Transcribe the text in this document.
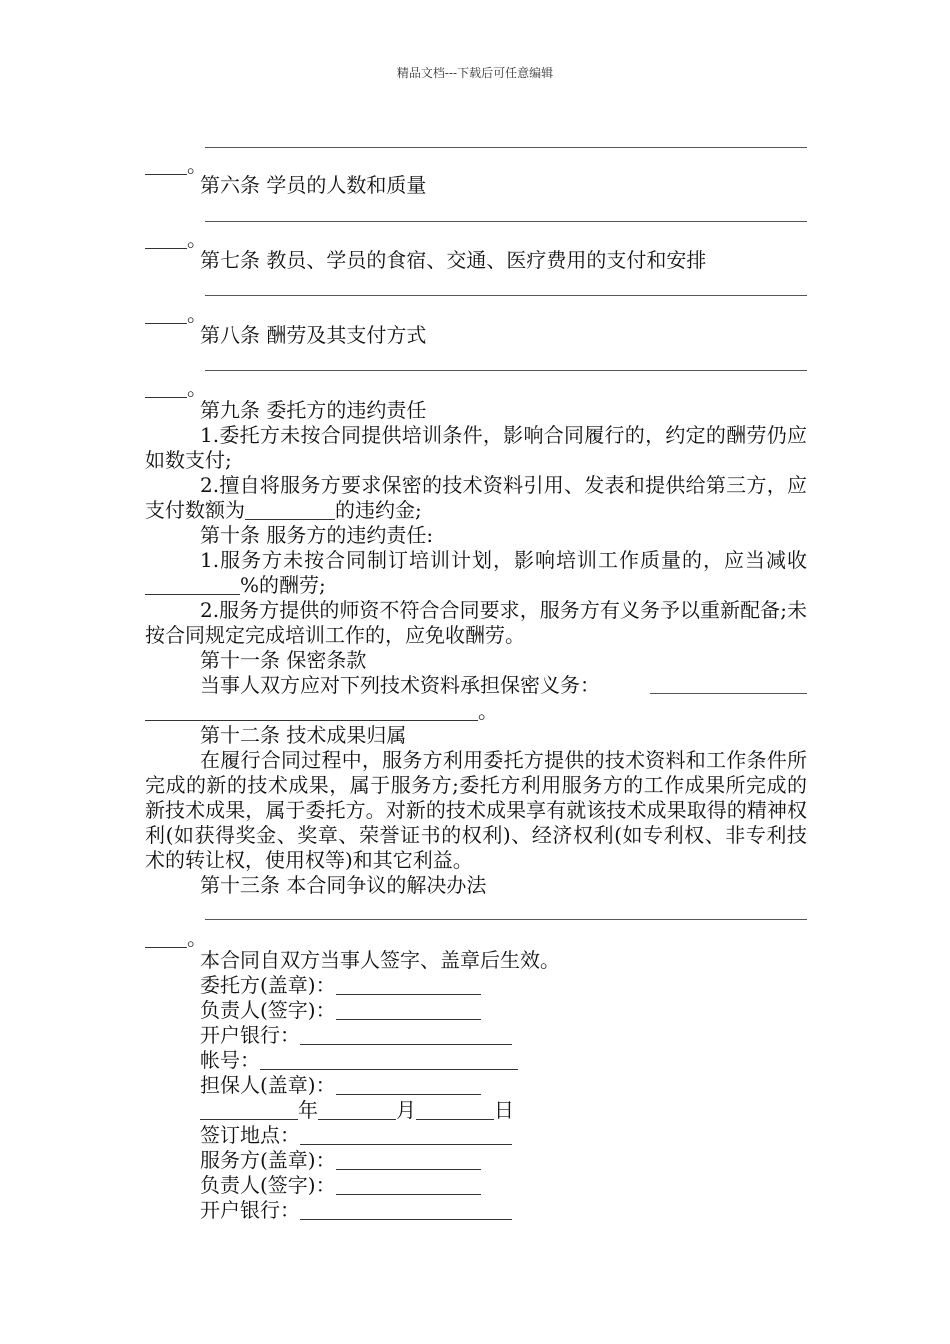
精品文档---下载后可任意编辑
。
第六条 学员的人数和质量
。
第七条 教员、学员的食宿、交通、医疗费用的支付和安排
。
第八条 酬劳及其支付方式
。
第九条 委托方的违约责任
1.委托方未按合同提供培训条件，影响合同履行的，约定的酬劳仍应如数支付;
2.擅自将服务方要求保密的技术资料引用、发表和提供给第三方，应支付数额为	的违约金;
第十条 服务方的违约责任:
1.服务方未按合同制订培训计划，影响培训工作质量的，应当减收%的酬劳;
2.服务方提供的师资不符合合同要求，服务方有义务予以重新配备;未按合同规定完成培训工作的，应免收酬劳。
第十一条 保密条款
当事人双方应对下列技术资料承担保密义务：
。
第十二条 技术成果归属
在履行合同过程中，服务方利用委托方提供的技术资料和工作条件所完成的新的技术成果，属于服务方;委托方利用服务方的工作成果所完成的新技术成果，属于委托方。对新的技术成果享有就该技术成果取得的精神权利(如获得奖金、奖章、荣誉证书的权利)、经济权利(如专利权、非专利技术的转让权，使用权等)和其它利益。
第十三条 本合同争议的解决办法
。
本合同自双方当事人签字、盖章后生效。
委托方(盖章)：
负责人(签字)：
开户银行：
帐号：
担保人(盖章)：
年	月	日
签订地点：
服务方(盖章)：
负责人(签字)：
开户银行：
